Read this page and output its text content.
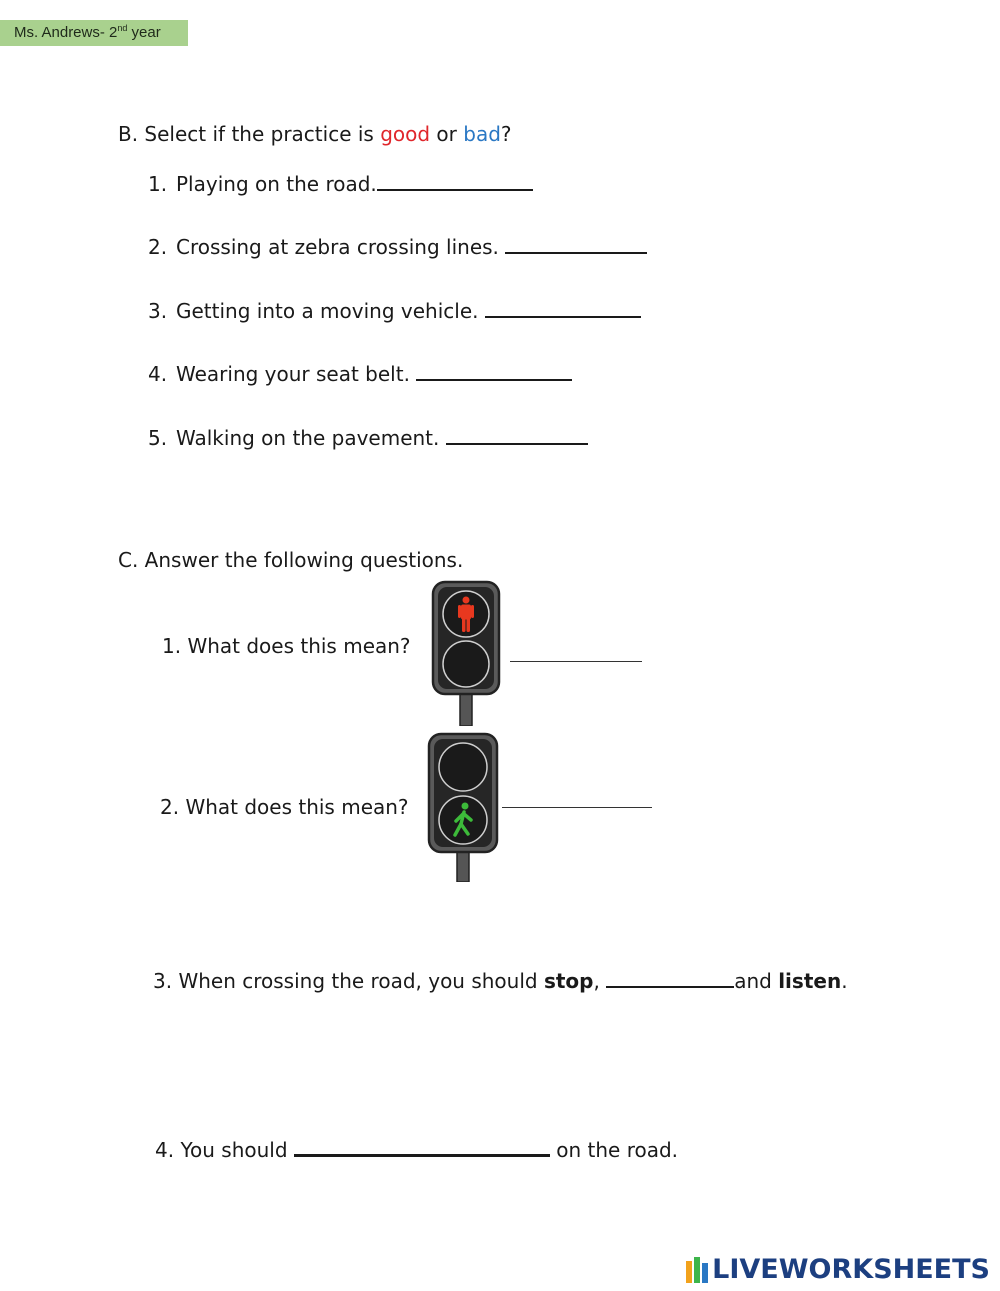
Ms. Andrews- 2nd year
B. Select if the practice is good or bad?
1. Playing on the road.
2. Crossing at zebra crossing lines.
3. Getting into a moving vehicle.
4. Wearing your seat belt.
5. Walking on the pavement.
C. Answer the following questions.
1. What does this mean?
2. What does this mean?
3. When crossing the road, you should stop,	and listen.
4. You should	on the road.
LIVEWORKSHEETS
